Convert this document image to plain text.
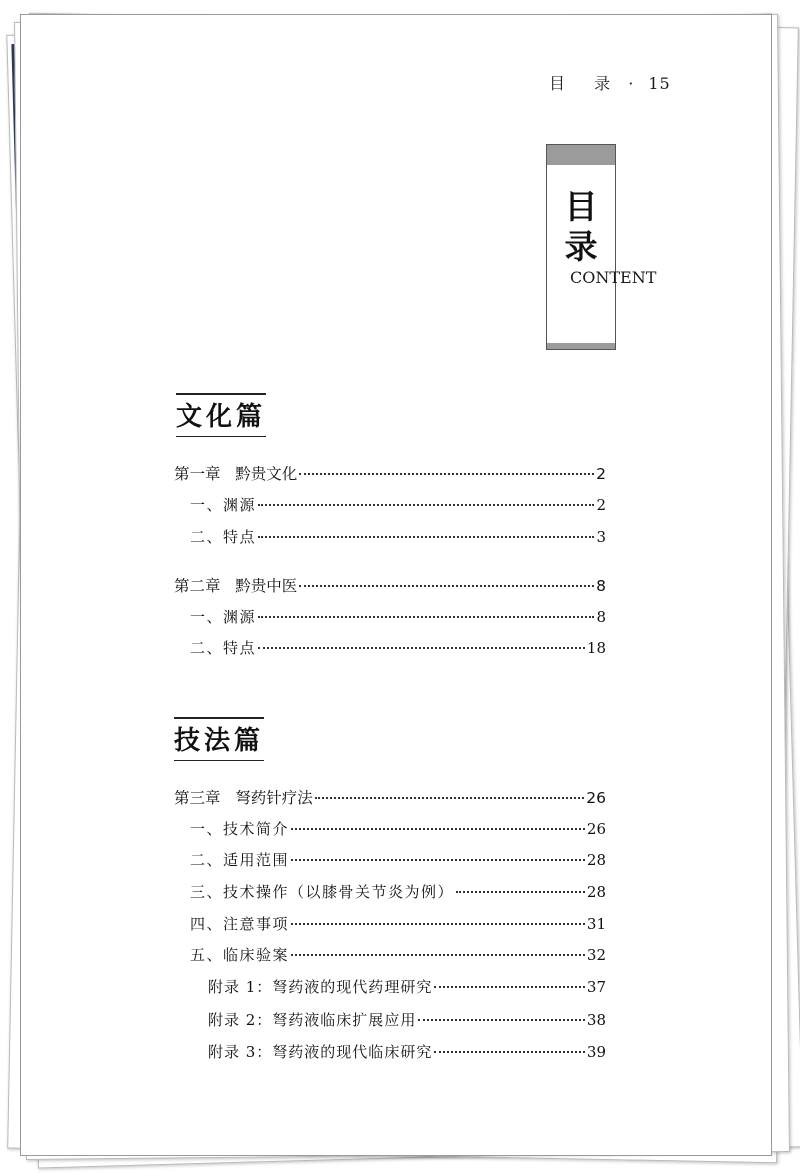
目 录 · 15
目
录
CONTENT
文化篇
第一章   黔贵文化	2
一、渊源	2
二、特点	3
第二章   黔贵中医	8
一、渊源	8
二、特点	18
技法篇
第三章   弩药针疗法	26
一、技术简介	26
二、适用范围	28
三、技术操作（以膝骨关节炎为例）	28
四、注意事项	31
五、临床验案	32
附录 1：弩药液的现代药理研究	37
附录 2：弩药液临床扩展应用	38
附录 3：弩药液的现代临床研究	39
